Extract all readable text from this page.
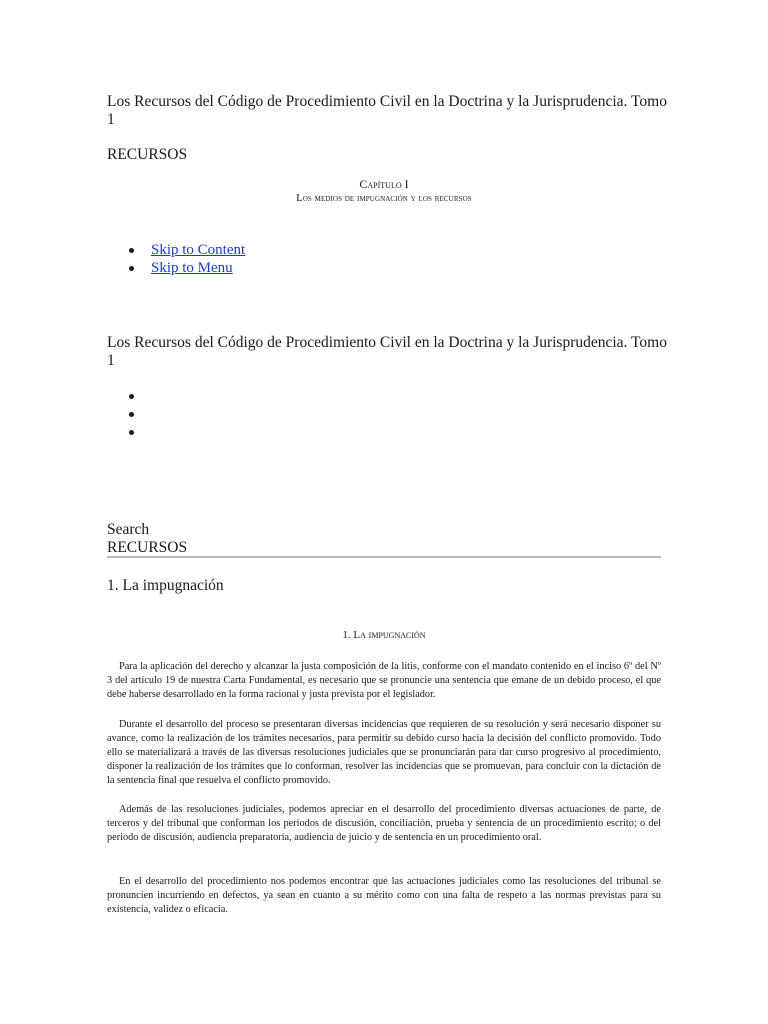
Los Recursos del Código de Procedimiento Civil en la Doctrina y la Jurisprudencia. Tomo 1
RECURSOS
Capítulo I
Los medios de impugnación y los recursos
Skip to Content
Skip to Menu
Los Recursos del Código de Procedimiento Civil en la Doctrina y la Jurisprudencia. Tomo 1
Search
RECURSOS
1. La impugnación
1. La impugnación
Para la aplicación del derecho y alcanzar la justa composición de la litis, conforme con el mandato contenido en el inciso 6º del Nº 3 del artículo 19 de nuestra Carta Fundamental, es necesario que se pronuncie una sentencia que emane de un debido proceso, el que debe haberse desarrollado en la forma racional y justa prevista por el legislador.
Durante el desarrollo del proceso se presentaran diversas incidencias que requieren de su resolución y será necesario disponer su avance, como la realización de los trámites necesarios, para permitir su debido curso hacia la decisión del conflicto promovido. Todo ello se materializará a través de las diversas resoluciones judiciales que se pronunciarán para dar curso progresivo al procedimiento, disponer la realización de los trámites que lo conforman, resolver las incidencias que se promuevan, para concluir con la dictación de la sentencia final que resuelva el conflicto promovido.
Además de las resoluciones judiciales, podemos apreciar en el desarrollo del procedimiento diversas actuaciones de parte, de terceros y del tribunal que conforman los periodos de discusión, conciliación, prueba y sentencia de un procedimiento escrito; o del periodo de discusión, audiencia preparatoria, audiencia de juicio y de sentencia en un procedimiento oral.
En el desarrollo del procedimiento nos podemos encontrar que las actuaciones judiciales como las resoluciones del tribunal se pronuncien incurriendo en defectos, ya sean en cuanto a su mérito como con una falta de respeto a las normas previstas para su existencia, validez o eficacia.
